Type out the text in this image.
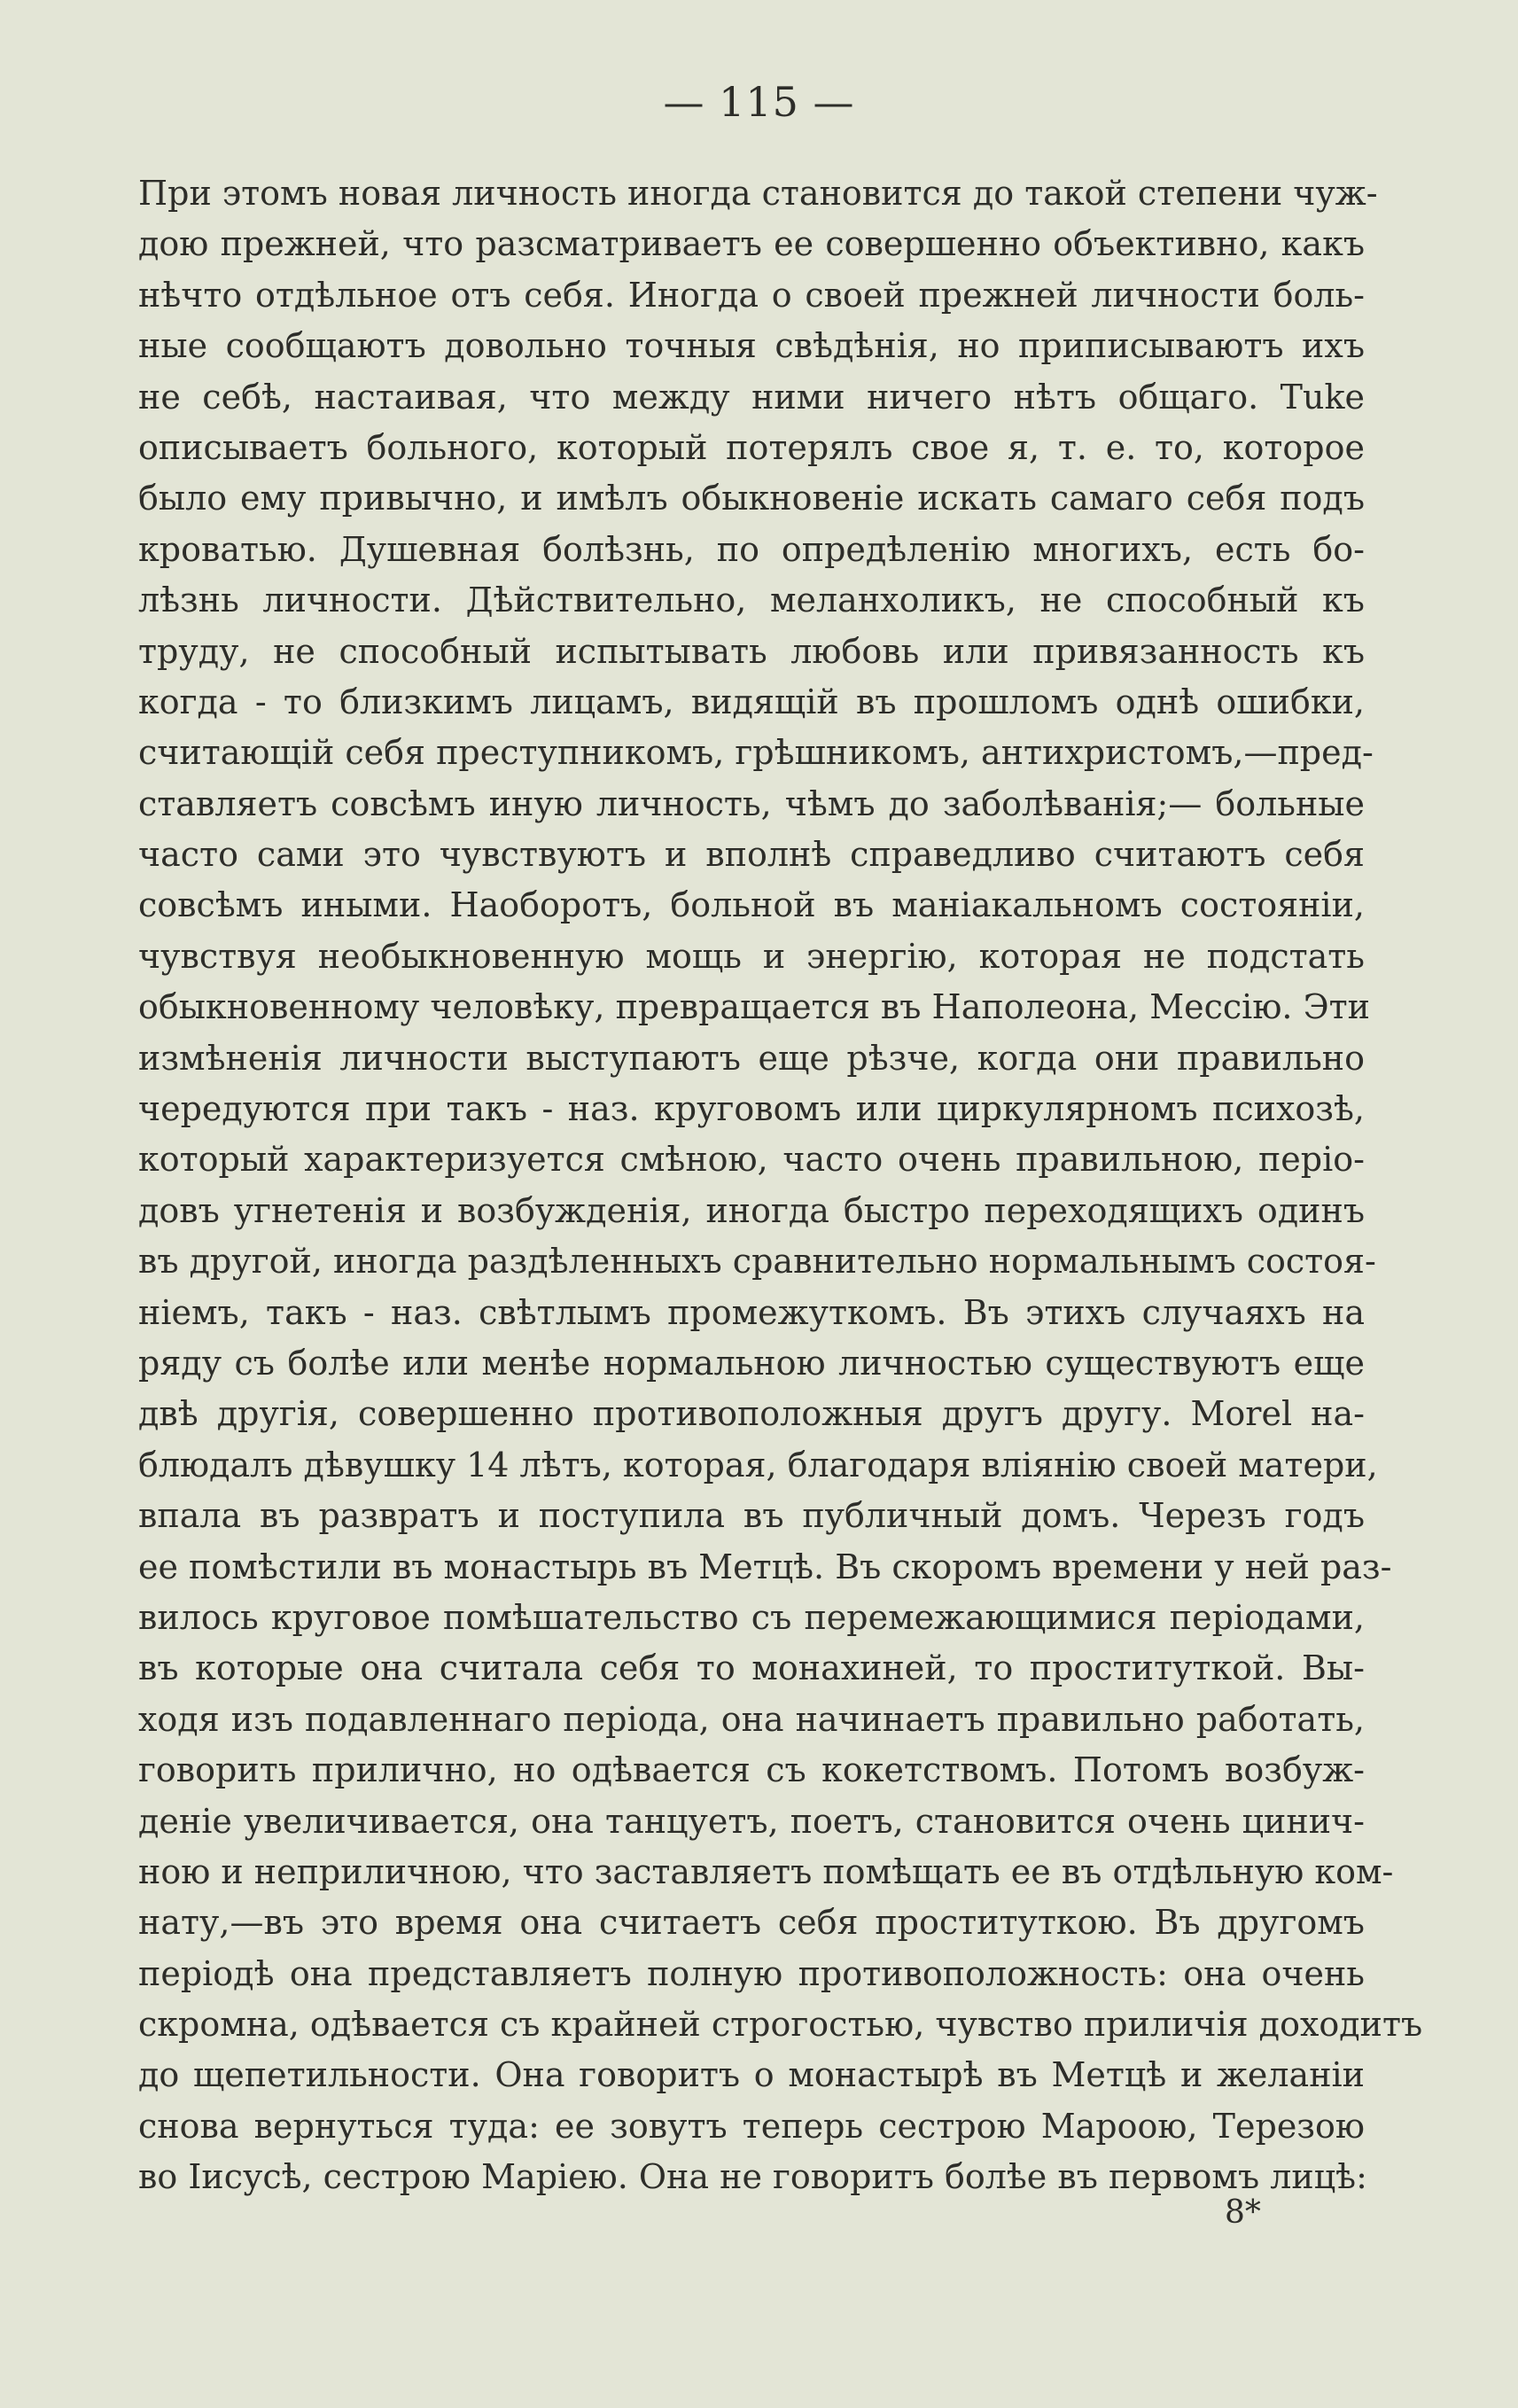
— 115 —
При этомъ новая личность иногда становится до такой степени чуж-
дою прежней, что разсматриваетъ ее совершенно объективно, какъ
нѣчто отдѣльное отъ себя. Иногда о своей прежней личности боль-
ные сообщаютъ довольно точныя свѣдѣнія, но приписываютъ ихъ
не себѣ, настаивая, что между ними ничего нѣтъ общаго. Тuke
описываетъ больного, который потерялъ свое я, т. е. то, которое
было ему привычно, и имѣлъ обыкновеніе искать самаго себя подъ
кроватью. Душевная болѣзнь, по опредѣленію многихъ, есть бо-
лѣзнь личности. Дѣйствительно, меланхоликъ, не способный къ
труду, не способный испытывать любовь или привязанность къ
когда - то близкимъ лицамъ, видящій въ прошломъ однѣ ошибки,
считающій себя преступникомъ, грѣшникомъ, антихристомъ,—пред-
ставляетъ совсѣмъ иную личность, чѣмъ до заболѣванія;— больные
часто сами это чувствуютъ и вполнѣ справедливо считаютъ себя
совсѣмъ иными. Наоборотъ, больной въ маніакальномъ состояніи,
чувствуя необыкновенную мощь и энергію, которая не подстать
обыкновенному человѣку, превращается въ Наполеона, Мессію. Эти
измѣненія личности выступаютъ еще рѣзче, когда они правильно
чередуются при такъ - наз. круговомъ или циркулярномъ психозѣ,
который характеризуется смѣною, часто очень правильною, періо-
довъ угнетенія и возбужденія, иногда быстро переходящихъ одинъ
въ другой, иногда раздѣленныхъ сравнительно нормальнымъ состоя-
ніемъ, такъ - наз. свѣтлымъ промежуткомъ. Въ этихъ случаяхъ на
ряду съ болѣе или менѣе нормальною личностью существуютъ еще
двѣ другія, совершенно противоположныя другъ другу. Morel на-
блюдалъ дѣвушку 14 лѣтъ, которая, благодаря вліянію своей матери,
впала въ развратъ и поступила въ публичный домъ. Черезъ годъ
ее помѣстили въ монастырь въ Метцѣ. Въ скоромъ времени у ней раз-
вилось круговое помѣшательство съ перемежающимися періодами,
въ которые она считала себя то монахиней, то проституткой. Вы-
ходя изъ подавленнаго періода, она начинаетъ правильно работать,
говорить прилично, но одѣвается съ кокетствомъ. Потомъ возбуж-
деніе увеличивается, она танцуетъ, поетъ, становится очень цинич-
ною и неприличною, что заставляетъ помѣщать ее въ отдѣльную ком-
нату,—въ это время она считаетъ себя проституткою. Въ другомъ
періодѣ она представляетъ полную противоположность: она очень
скромна, одѣвается съ крайней строгостью, чувство приличія доходитъ
до щепетильности. Она говоритъ о монастырѣ въ Метцѣ и желаніи
снова вернуться туда: ее зовутъ теперь сестрою Мароою, Терезою
во Іисусѣ, сестрою Маріею. Она не говоритъ болѣе въ первомъ лицѣ:
8*
